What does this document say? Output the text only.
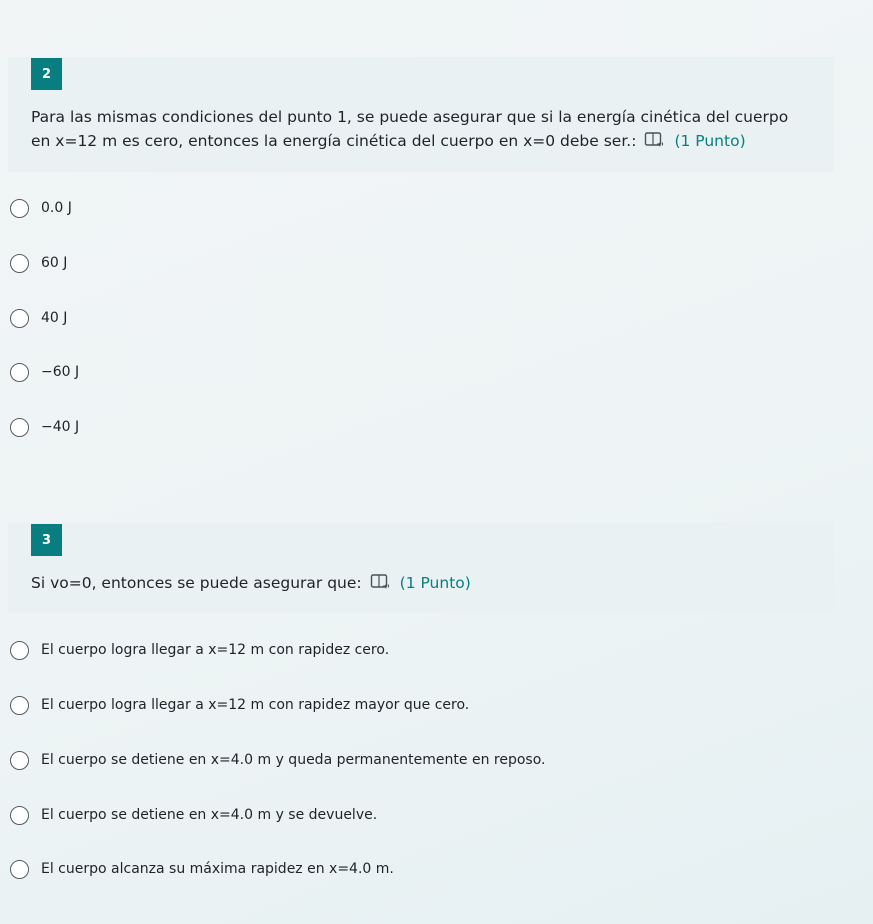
2
Para las mismas condiciones del punto 1, se puede asegurar que si la energía cinética del cuerpo en x=12 m es cero, entonces la energía cinética del cuerpo en x=0 debe ser.: (1 Punto)
0.0 J
60 J
40 J
−60 J
−40 J
3
Si vo=0, entonces se puede asegurar que: (1 Punto)
El cuerpo logra llegar a x=12 m con rapidez cero.
El cuerpo logra llegar a x=12 m con rapidez mayor que cero.
El cuerpo se detiene en x=4.0 m y queda permanentemente en reposo.
El cuerpo se detiene en x=4.0 m y se devuelve.
El cuerpo alcanza su máxima rapidez en x=4.0 m.
